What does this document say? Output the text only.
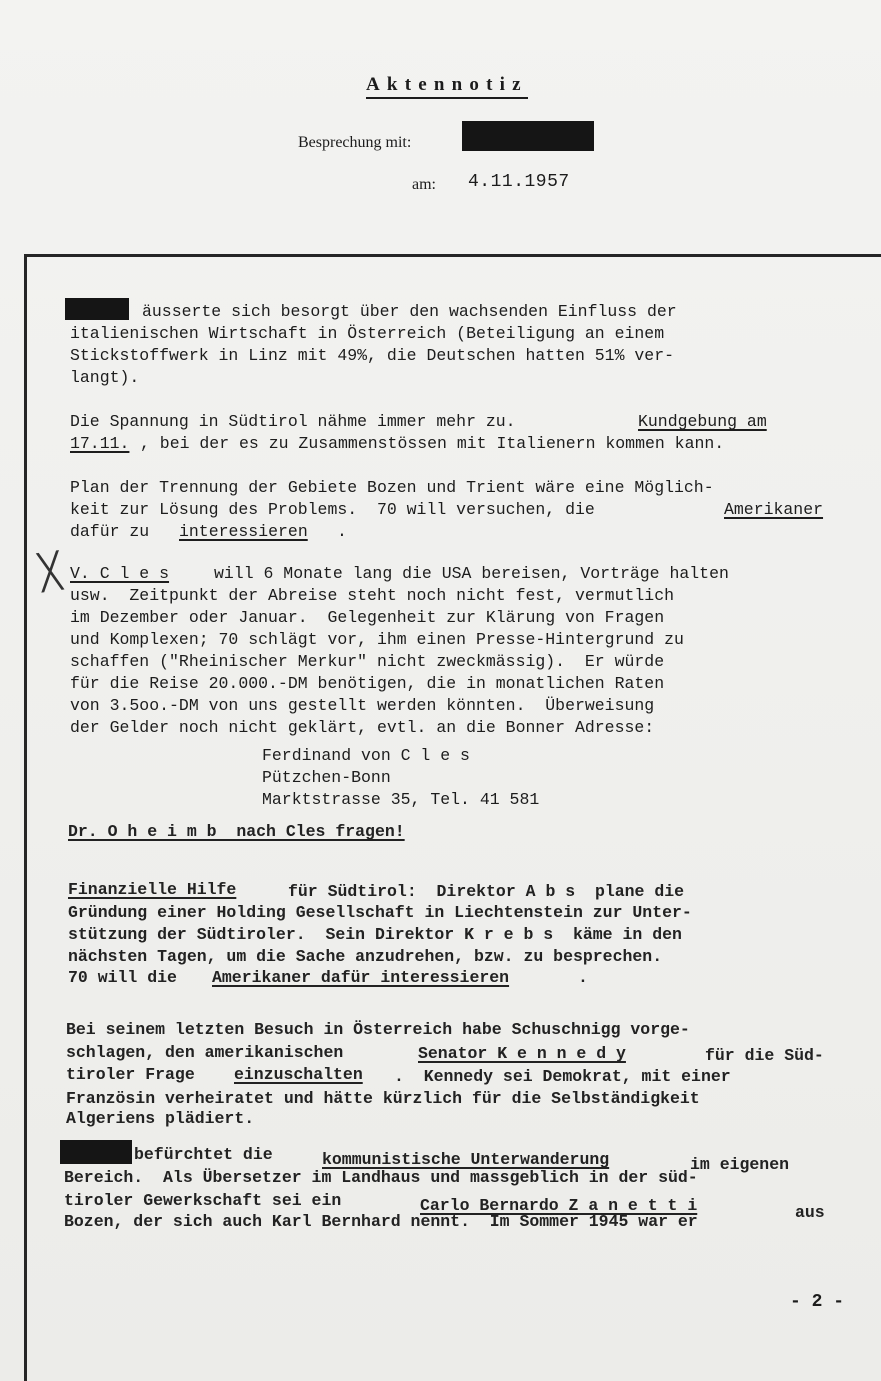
Aktennotiz
Besprechung mit:
am: 4.11.1957
äusserte sich besorgt über den wachsenden Einfluss der
italienischen Wirtschaft in Österreich (Beteiligung an einem
Stickstoffwerk in Linz mit 49%, die Deutschen hatten 51% ver-
langt).
Die Spannung in Südtirol nähme immer mehr zu.	Kundgebung am
17.11. , bei der es zu Zusammenstössen mit Italienern kommen kann.
Plan der Trennung der Gebiete Bozen und Trient wäre eine Möglich-
keit zur Lösung des Problems.  70 will versuchen, die	Amerikaner
dafür zu interessieren .
╳ V. C l e s	will 6 Monate lang die USA bereisen, Vorträge halten
usw.  Zeitpunkt der Abreise steht noch nicht fest, vermutlich
im Dezember oder Januar.  Gelegenheit zur Klärung von Fragen
und Komplexen; 70 schlägt vor, ihm einen Presse-Hintergrund zu
schaffen ("Rheinischer Merkur" nicht zweckmässig).  Er würde
für die Reise 20.000.-DM benötigen, die in monatlichen Raten
von 3.5oo.-DM von uns gestellt werden könnten.  Überweisung
der Gelder noch nicht geklärt, evtl. an die Bonner Adresse:
Ferdinand von C l e s
Pützchen-Bonn
Marktstrasse 35, Tel. 41 581
Dr. O h e i m b  nach Cles fragen!
Finanzielle Hilfe	für Südtirol:  Direktor A b s  plane die
Gründung einer Holding Gesellschaft in Liechtenstein zur Unter-
stützung der Südtiroler.  Sein Direktor K r e b s  käme in den
nächsten Tagen, um die Sache anzudrehen, bzw. zu besprechen.
70 will die Amerikaner dafür interessieren	.
Bei seinem letzten Besuch in Österreich habe Schuschnigg vorge-
schlagen, den amerikanischen	Senator K e n n e d y	für die Süd-
tiroler Frage einzuschalten .  Kennedy sei Demokrat, mit einer
Französin verheiratet und hätte kürzlich für die Selbständigkeit
Algeriens plädiert.
befürchtet die	kommunistische Unterwanderung	im eigenen
Bereich.  Als Übersetzer im Landhaus und massgeblich in der süd-
tiroler Gewerkschaft sei ein	Carlo Bernardo Z a n e t t i	aus
Bozen, der sich auch Karl Bernhard nennt.  Im Sommer 1945 war er
- 2 -
